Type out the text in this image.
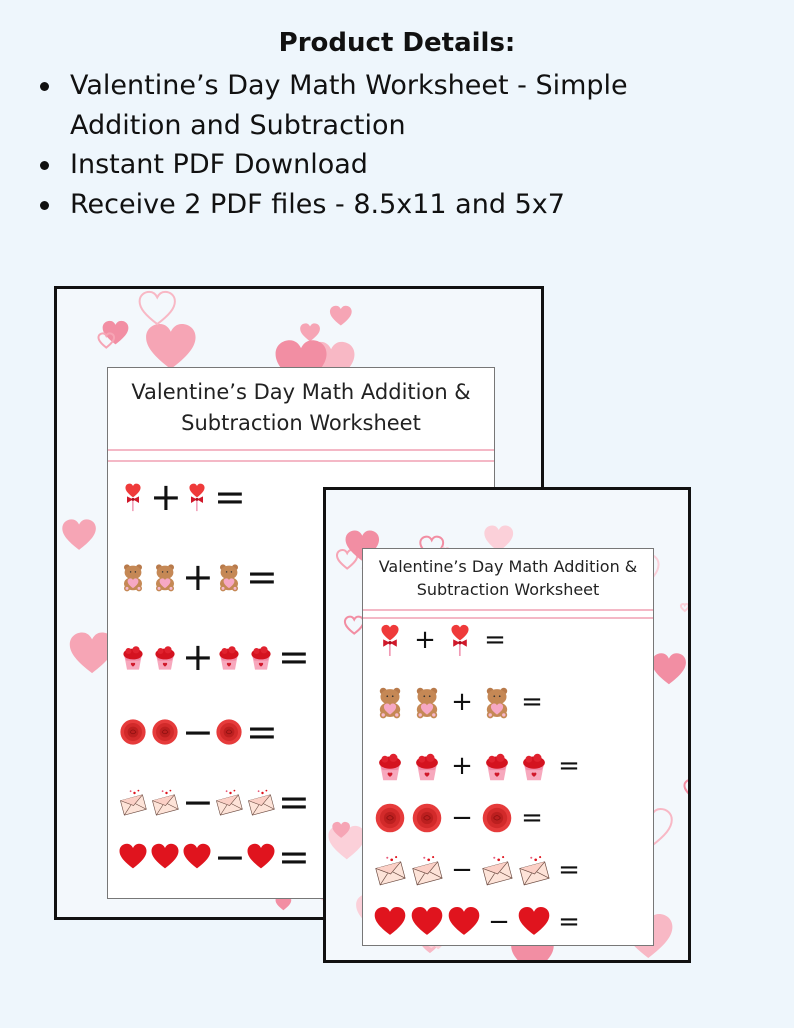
Product Details:
Valentine’s Day Math Worksheet - Simple Addition and Subtraction
Instant PDF Download
Receive 2 PDF files - 8.5x11 and 5x7
Valentine’s Day Math Addition &
Subtraction Worksheet
+ =
+ =
+ =
− =
− =
− =
Valentine’s Day Math Addition &
Subtraction Worksheet
+ =
+ =
+	=
− =
−	=
− =
